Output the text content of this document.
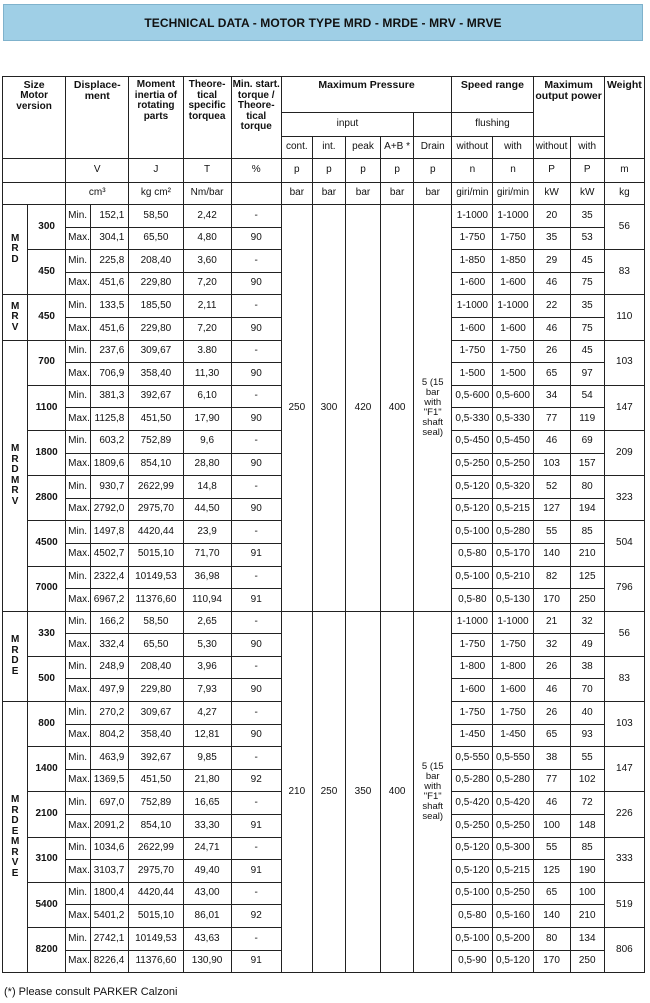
TECHNICAL DATA - MOTOR TYPE MRD - MRDE - MRV - MRVE
Size
Motor version		Displace-ment		Moment inertia of rotating parts	Theore-tical specific torquea	Min. start. torque / Theore-tical torque	Maximum Pressure					Speed range		Maximum output power		Weight
							input					flushing				
							cont.	int.	peak	A+B *	Drain	without	with	without	with	
		V		J	T	%	p	p	p	p	p	n	n	P	P	m
		cm³		kg cm²	Nm/bar		bar	bar	bar	bar	bar	giri/min	giri/min	kW	kW	kg
MRD	300	Min.	152,1	58,50	2,42	-	250	300	420	400	5 (15 bar with "F1" shaft seal)	1-1000	1-1000	20	35	56
		Max.	304,1	65,50	4,80	90						1-750	1-750	35	53	
	450	Min.	225,8	208,40	3,60	-						1-850	1-850	29	45	83
		Max.	451,6	229,80	7,20	90						1-600	1-600	46	75	
MRV	450	Min.	133,5	185,50	2,11	-						1-1000	1-1000	22	35	110
		Max.	451,6	229,80	7,20	90						1-600	1-600	46	75	
MRD MRV	700	Min.	237,6	309,67	3.80	-						1-750	1-750	26	45	103
		Max.	706,9	358,40	11,30	90						1-500	1-500	65	97	
	1100	Min.	381,3	392,67	6,10	-						0,5-600	0,5-600	34	54	147
		Max.	1125,8	451,50	17,90	90						0,5-330	0,5-330	77	119	
	1800	Min.	603,2	752,89	9,6	-						0,5-450	0,5-450	46	69	209
		Max.	1809,6	854,10	28,80	90						0,5-250	0,5-250	103	157	
	2800	Min.	930,7	2622,99	14,8	-						0,5-120	0,5-320	52	80	323
		Max.	2792,0	2975,70	44,50	90						0,5-120	0,5-215	127	194	
	4500	Min.	1497,8	4420,44	23,9	-						0,5-100	0,5-280	55	85	504
		Max.	4502,7	5015,10	71,70	91						0,5-80	0,5-170	140	210	
	7000	Min.	2322,4	10149,53	36,98	-						0,5-100	0,5-210	82	125	796
		Max.	6967,2	11376,60	110,94	91						0,5-80	0,5-130	170	250	
MRDE	330	Min.	166,2	58,50	2,65	-	210	250	350	400	5 (15 bar with "F1" shaft seal)	1-1000	1-1000	21	32	56
		Max.	332,4	65,50	5,30	90						1-750	1-750	32	49	
	500	Min.	248,9	208,40	3,96	-						1-800	1-800	26	38	83
		Max.	497,9	229,80	7,93	90						1-600	1-600	46	70	
MRDE MRVE	800	Min.	270,2	309,67	4,27	-						1-750	1-750	26	40	103
		Max.	804,2	358,40	12,81	90						1-450	1-450	65	93	
	1400	Min.	463,9	392,67	9,85	-						0,5-550	0,5-550	38	55	147
		Max.	1369,5	451,50	21,80	92						0,5-280	0,5-280	77	102	
	2100	Min.	697,0	752,89	16,65	-						0,5-420	0,5-420	46	72	226
		Max.	2091,2	854,10	33,30	91						0,5-250	0,5-250	100	148	
	3100	Min.	1034,6	2622,99	24,71	-						0,5-120	0,5-300	55	85	333
		Max.	3103,7	2975,70	49,40	91						0,5-120	0,5-215	125	190	
	5400	Min.	1800,4	4420,44	43,00	-						0,5-100	0,5-250	65	100	519
		Max.	5401,2	5015,10	86,01	92						0,5-80	0,5-160	140	210	
	8200	Min.	2742,1	10149,53	43,63	-						0,5-100	0,5-200	80	134	806
		Max.	8226,4	11376,60	130,90	91						0,5-90	0,5-120	170	250	
(*) Please consult PARKER Calzoni
